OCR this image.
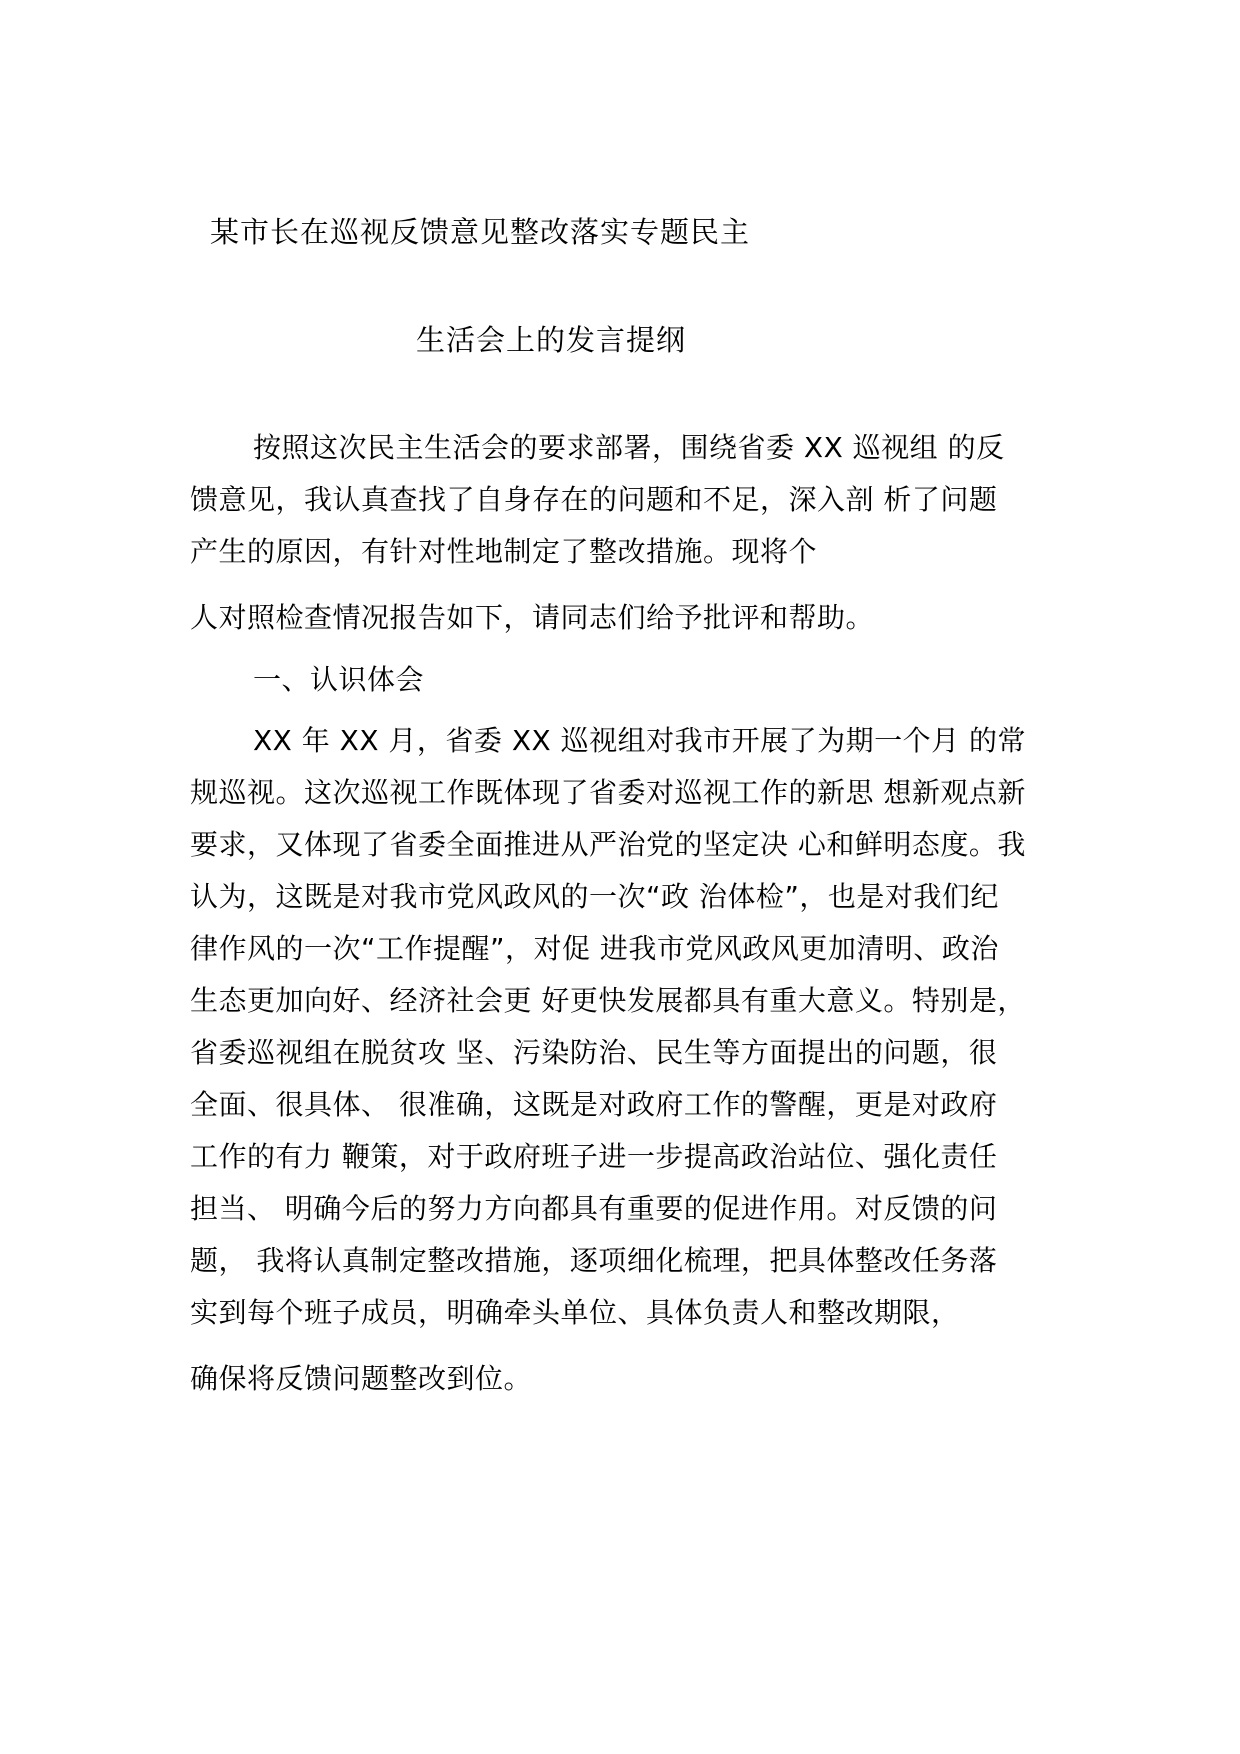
某市长在巡视反馈意见整改落实专题民主
生活会上的发言提纲
按照这次民主生活会的要求部署，围绕省委 XX 巡视组 的反
馈意见，我认真查找了自身存在的问题和不足，深入剖 析了问题
产生的原因，有针对性地制定了整改措施。现将个
人对照检查情况报告如下，请同志们给予批评和帮助。
一、认识体会
XX 年 XX 月，省委 XX 巡视组对我市开展了为期一个月 的常
规巡视。这次巡视工作既体现了省委对巡视工作的新思 想新观点新
要求，又体现了省委全面推进从严治党的坚定决 心和鲜明态度。我
认为，这既是对我市党风政风的一次“政 治体检”，也是对我们纪
律作风的一次“工作提醒”，对促 进我市党风政风更加清明、政治
生态更加向好、经济社会更 好更快发展都具有重大意义。特别是，
省委巡视组在脱贫攻 坚、污染防治、民生等方面提出的问题，很
全面、很具体、 很准确，这既是对政府工作的警醒，更是对政府
工作的有力 鞭策，对于政府班子进一步提高政治站位、强化责任
担当、 明确今后的努力方向都具有重要的促进作用。对反馈的问
题， 我将认真制定整改措施，逐项细化梳理，把具体整改任务落
实到每个班子成员，明确牵头单位、具体负责人和整改期限，
确保将反馈问题整改到位。
